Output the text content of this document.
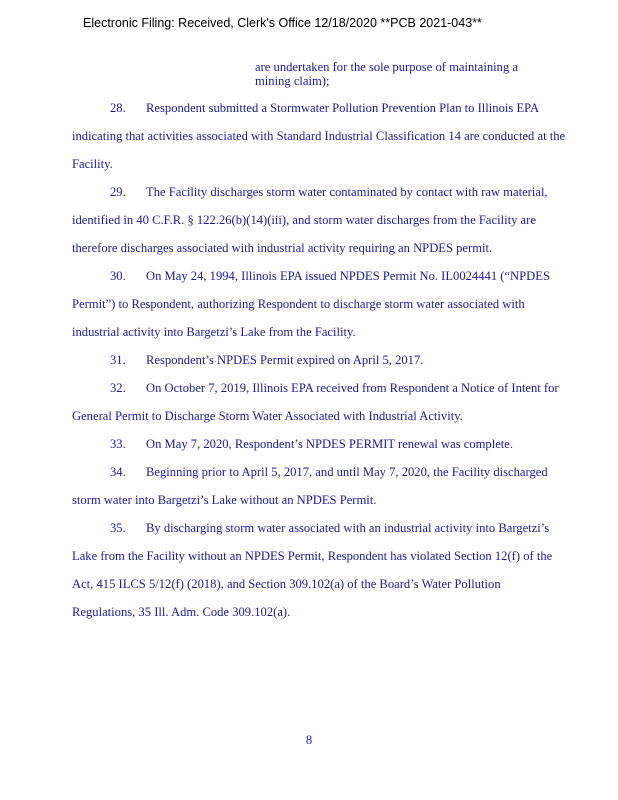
Electronic Filing: Received, Clerk's Office 12/18/2020 **PCB 2021-043**
are undertaken for the sole purpose of maintaining a
mining claim);
28. Respondent submitted a Stormwater Pollution Prevention Plan to Illinois EPA
indicating that activities associated with Standard Industrial Classification 14 are conducted at the
Facility.
29. The Facility discharges storm water contaminated by contact with raw material,
identified in 40 C.F.R. § 122.26(b)(14)(iii), and storm water discharges from the Facility are
therefore discharges associated with industrial activity requiring an NPDES permit.
30. On May 24, 1994, Illinois EPA issued NPDES Permit No. IL0024441 (“NPDES
Permit”) to Respondent, authorizing Respondent to discharge storm water associated with
industrial activity into Bargetzi’s Lake from the Facility.
31. Respondent’s NPDES Permit expired on April 5, 2017.
32. On October 7, 2019, Illinois EPA received from Respondent a Notice of Intent for
General Permit to Discharge Storm Water Associated with Industrial Activity.
33. On May 7, 2020, Respondent’s NPDES PERMIT renewal was complete.
34. Beginning prior to April 5, 2017, and until May 7, 2020, the Facility discharged
storm water into Bargetzi’s Lake without an NPDES Permit.
35. By discharging storm water associated with an industrial activity into Bargetzi’s
Lake from the Facility without an NPDES Permit, Respondent has violated Section 12(f) of the
Act, 415 ILCS 5/12(f) (2018), and Section 309.102(a) of the Board’s Water Pollution
Regulations, 35 Ill. Adm. Code 309.102(a).
8
